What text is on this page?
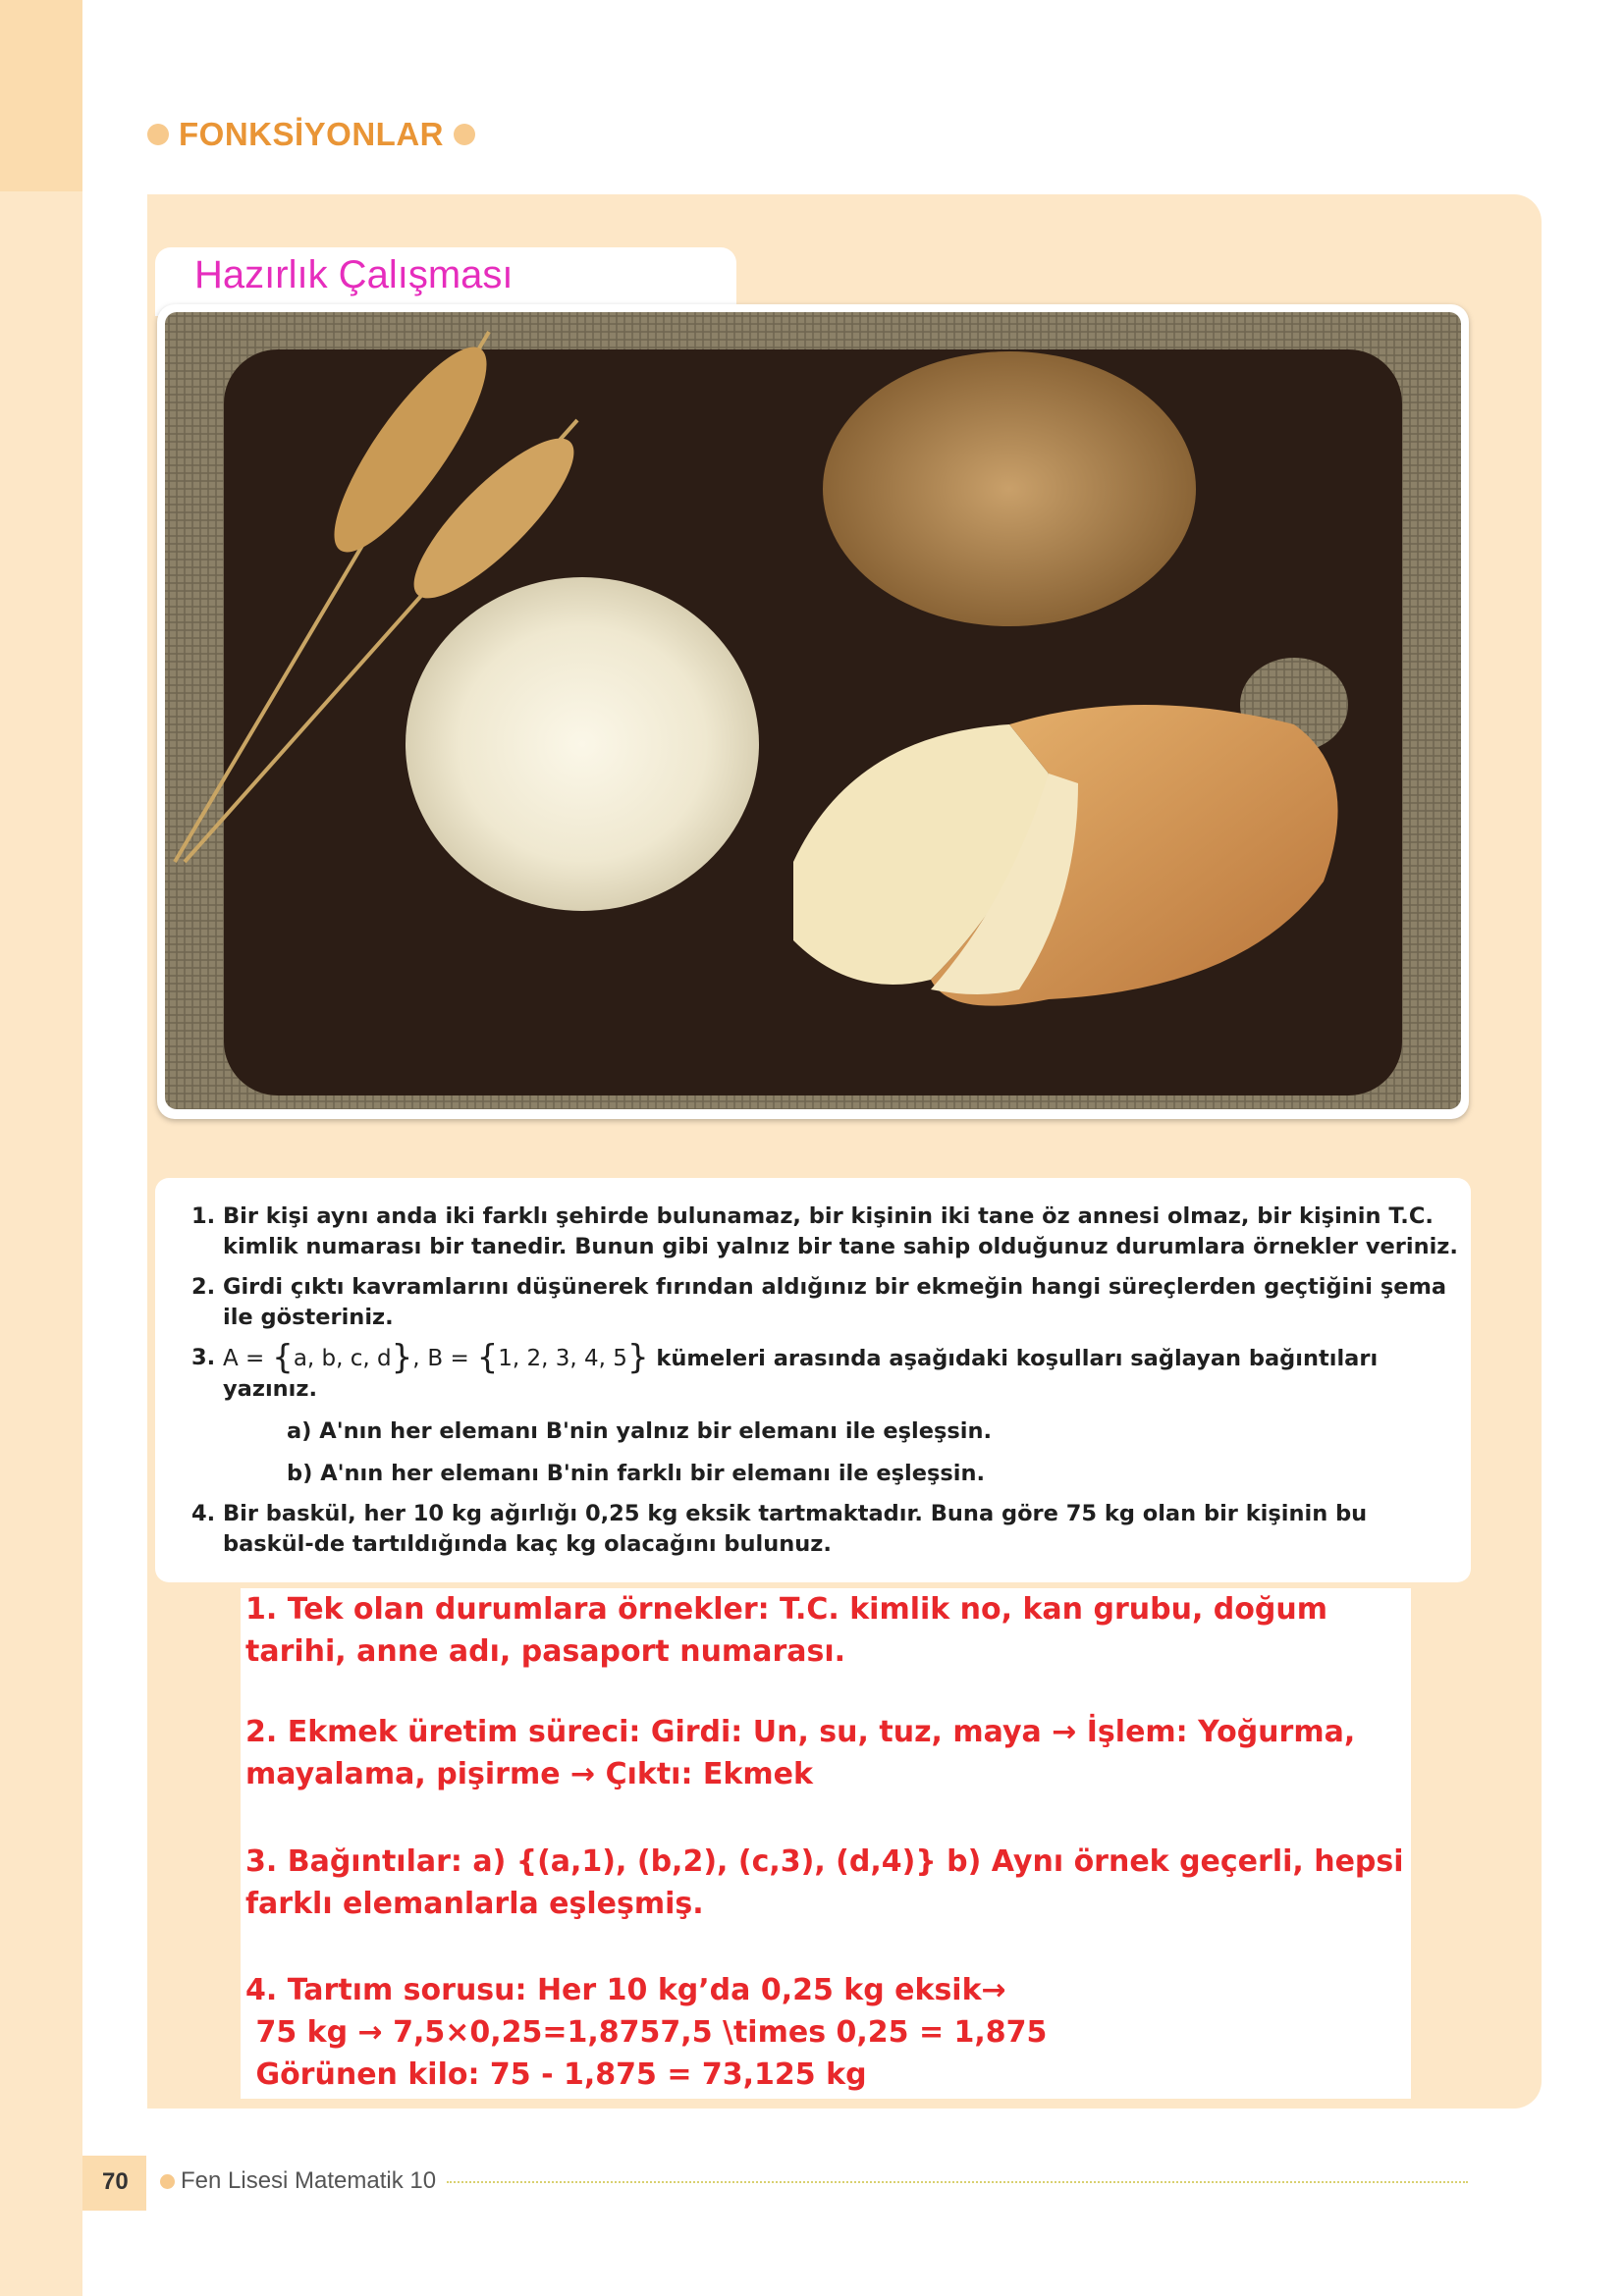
FONKSİYONLAR
Hazırlık Çalışması
1. Bir kişi aynı anda iki farklı şehirde bulunamaz, bir kişinin iki tane öz annesi olmaz, bir kişinin T.C. kimlik numarası bir tanedir. Bunun gibi yalnız bir tane sahip olduğunuz durumlara örnekler veriniz.
2. Girdi çıktı kavramlarını düşünerek fırından aldığınız bir ekmeğin hangi süreçlerden geçtiğini şema ile gösteriniz.
3. A = {a, b, c, d}, B = {1, 2, 3, 4, 5} kümeleri arasında aşağıdaki koşulları sağlayan bağıntıları yazınız.
a) A'nın her elemanı B'nin yalnız bir elemanı ile eşleşsin.
b) A'nın her elemanı B'nin farklı bir elemanı ile eşleşsin.
4. Bir baskül, her 10 kg ağırlığı 0,25 kg eksik tartmaktadır. Buna göre 75 kg olan bir kişinin bu baskül-de tartıldığında kaç kg olacağını bulunuz.
1. Tek olan durumlara örnekler: T.C. kimlik no, kan grubu, doğum tarihi, anne adı, pasaport numarası.
2. Ekmek üretim süreci: Girdi: Un, su, tuz, maya → İşlem: Yoğurma,
mayalama, pişirme → Çıktı: Ekmek
3. Bağıntılar: a) {(a,1), (b,2), (c,3), (d,4)} b) Aynı örnek geçerli, hepsi farklı elemanlarla eşleşmiş.
4. Tartım sorusu: Her 10 kg’da 0,25 kg eksik→
75 kg → 7,5×0,25=1,8757,5 \times 0,25 = 1,875
Görünen kilo: 75 - 1,875 = 73,125 kg
70 Fen Lisesi Matematik 10
